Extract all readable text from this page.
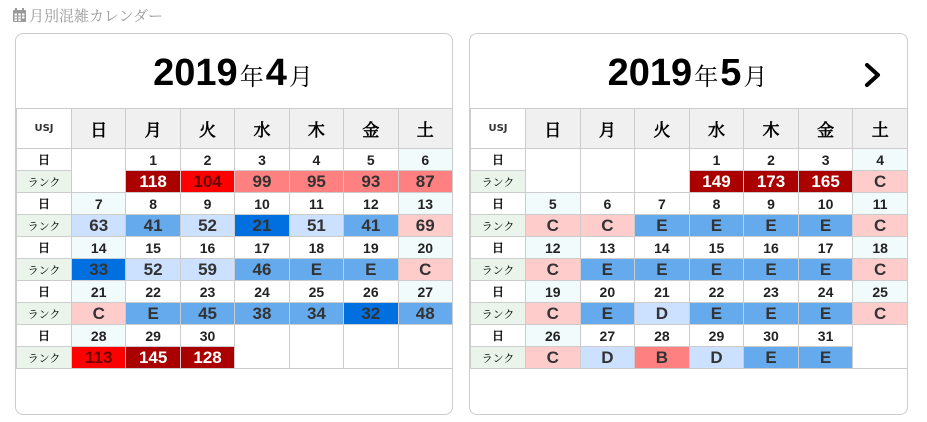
月別混雑カレンダー
2019 年 4 月
USJ	日	月	火	水	木	金	土
日		1	2	3	4	5	6
ランク		118	104	99	95	93	87
日	7	8	9	10	11	12	13
ランク	63	41	52	21	51	41	69
日	14	15	16	17	18	19	20
ランク	33	52	59	46	E	E	C
日	21	22	23	24	25	26	27
ランク	C	E	45	38	34	32	48
日	28	29	30				
ランク	113	145	128				
2019 年 5 月
USJ	日	月	火	水	木	金	土
日				1	2	3	4
ランク				149	173	165	C
日	5	6	7	8	9	10	11
ランク	C	C	E	E	E	E	C
日	12	13	14	15	16	17	18
ランク	C	E	E	E	E	E	C
日	19	20	21	22	23	24	25
ランク	C	E	D	E	E	E	C
日	26	27	28	29	30	31	
ランク	C	D	B	D	E	E	
